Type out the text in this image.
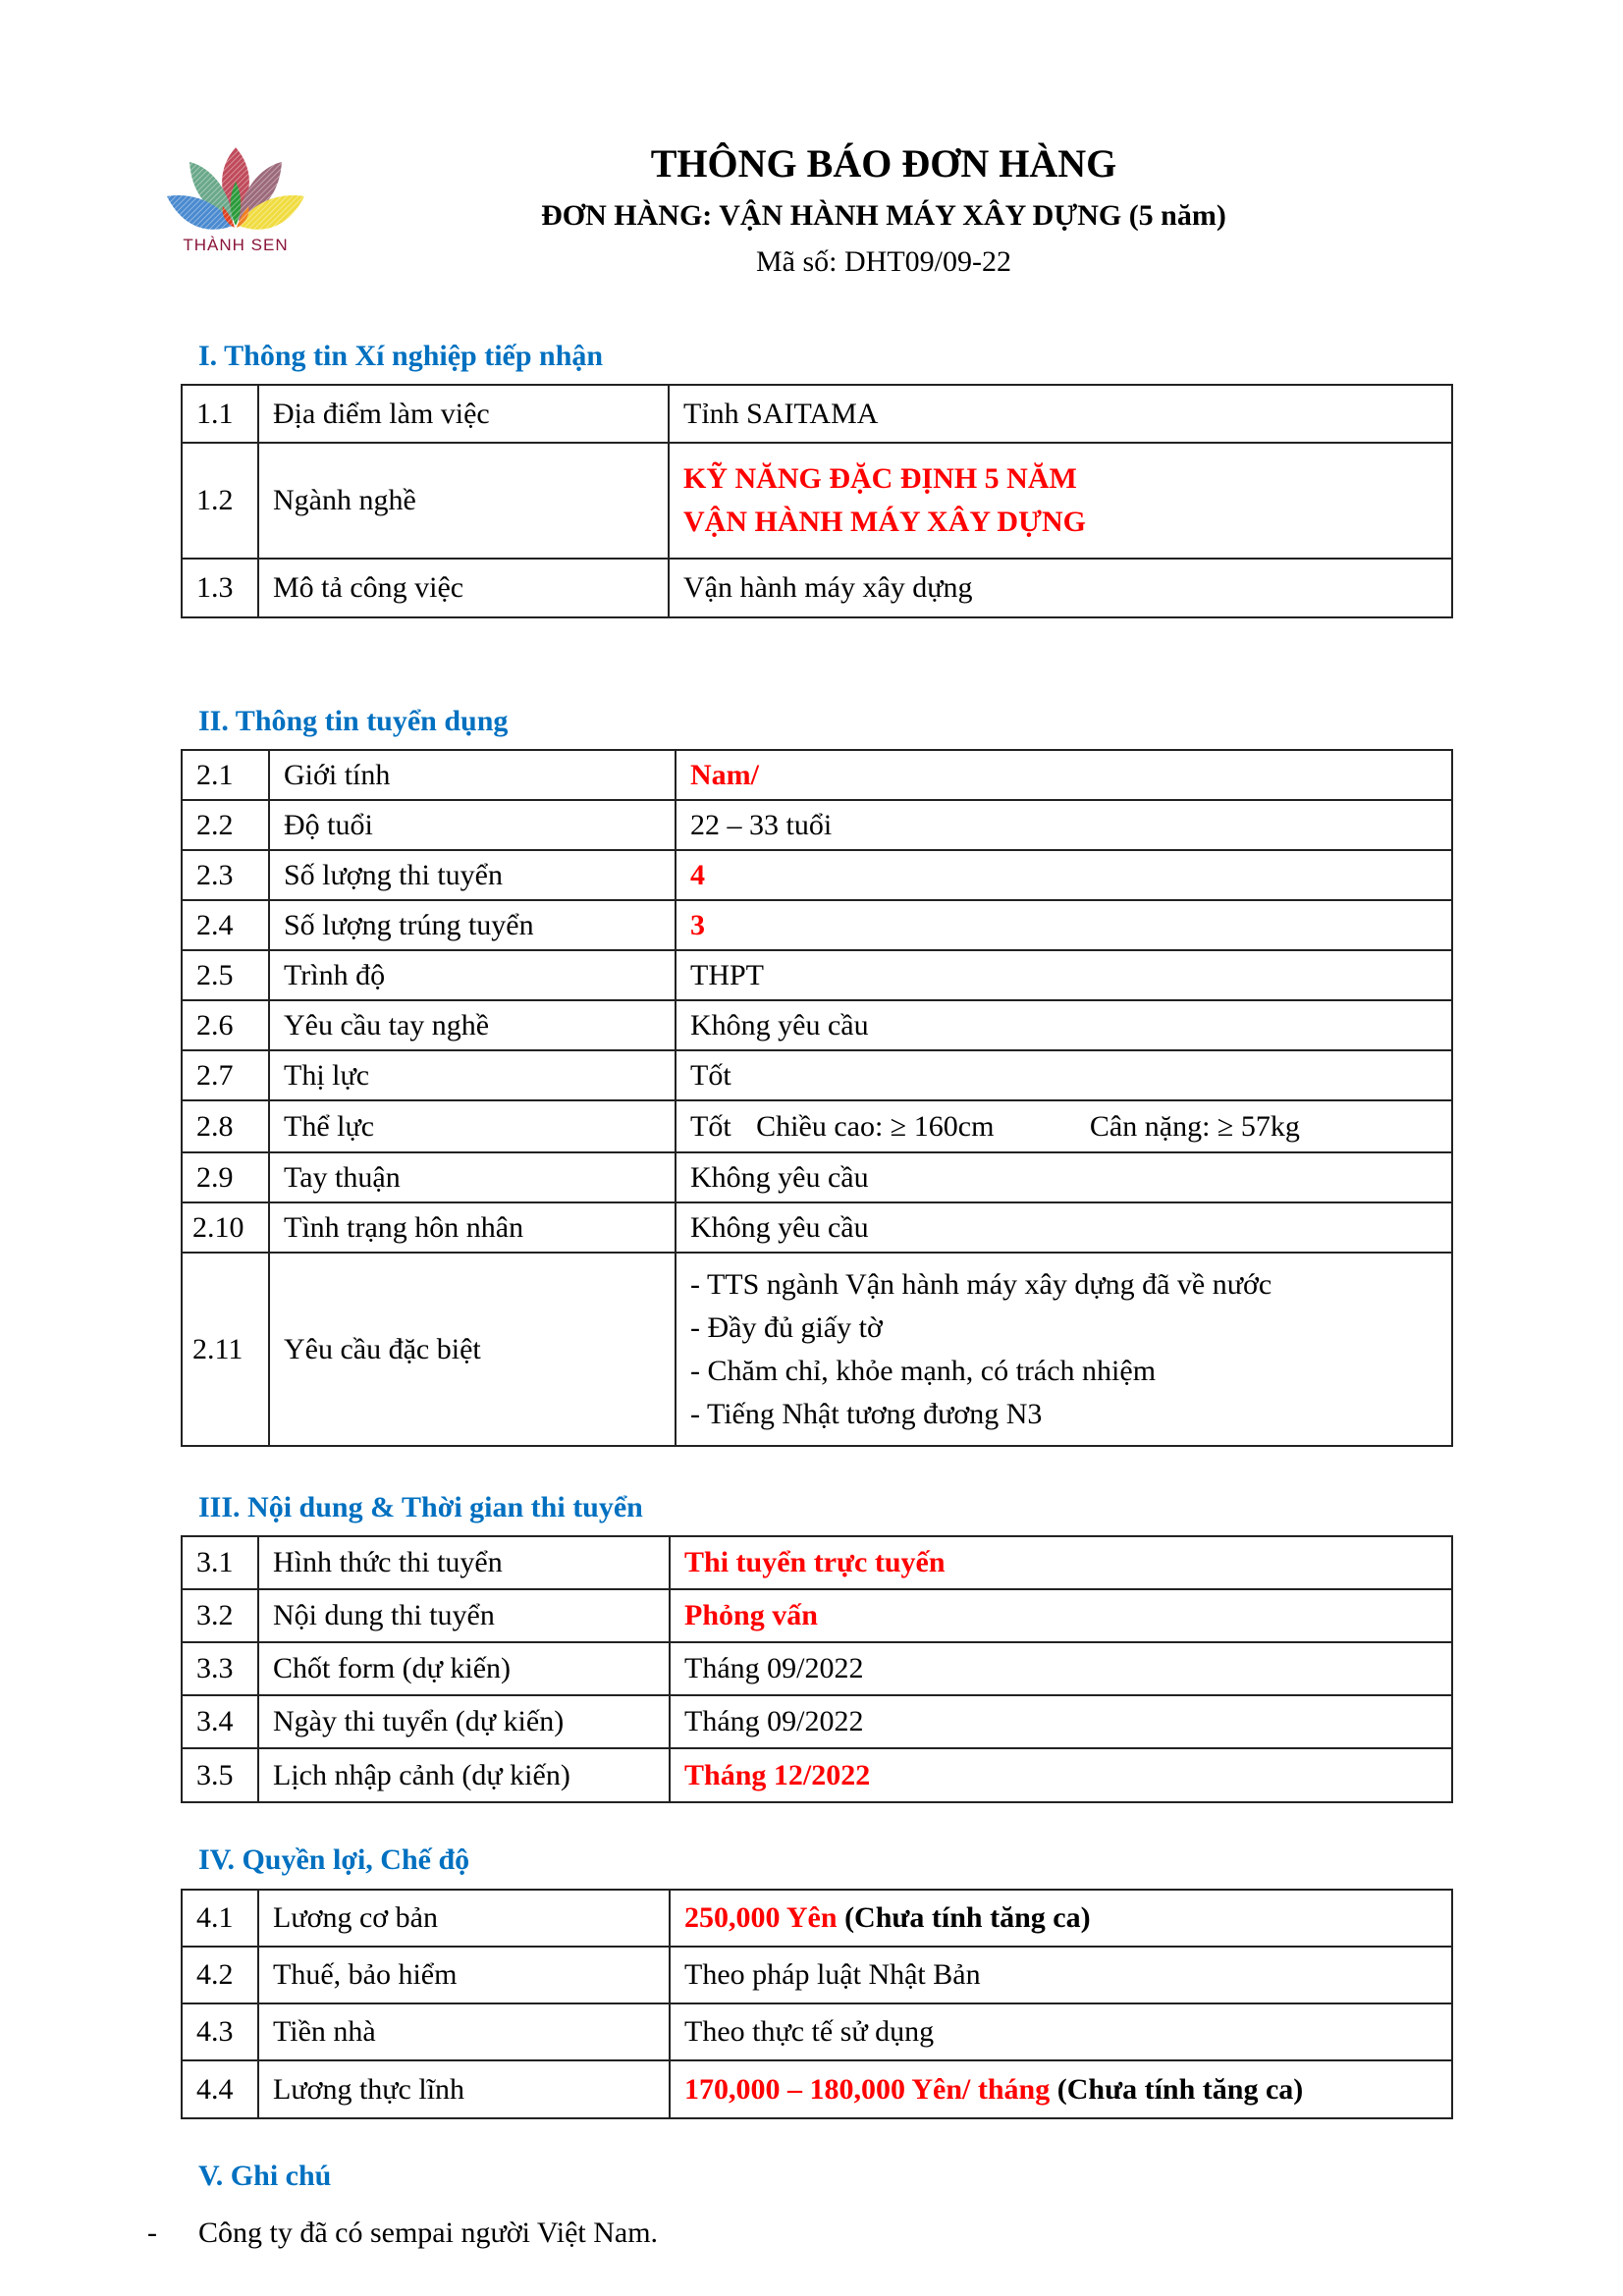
THÀNH SEN
THÔNG BÁO ĐƠN HÀNG
ĐƠN HÀNG: VẬN HÀNH MÁY XÂY DỰNG (5 năm)
Mã số: DHT09/09-22
I. Thông tin Xí nghiệp tiếp nhận
1.1	Địa điểm làm việc	Tỉnh SAITAMA
1.2	Ngành nghề	KỸ NĂNG ĐẶC ĐỊNH 5 NĂM
VẬN HÀNH MÁY XÂY DỰNG

1.3	Mô tả công việc	Vận hành máy xây dựng
II. Thông tin tuyển dụng
2.1	Giới tính	Nam/
2.2	Độ tuổi	22 – 33 tuổi
2.3	Số lượng thi tuyển	4
2.4	Số lượng trúng tuyển	3
2.5	Trình độ	THPT
2.6	Yêu cầu tay nghề	Không yêu cầu
2.7	Thị lực	Tốt
2.8	Thể lực	Tốt Chiều cao: ≥ 160cm Cân nặng: ≥ 57kg
2.9	Tay thuận	Không yêu cầu
2.10	Tình trạng hôn nhân	Không yêu cầu
2.11	Yêu cầu đặc biệt	- TTS ngành Vận hành máy xây dựng đã về nước
- Đầy đủ giấy tờ
- Chăm chỉ, khỏe mạnh, có trách nhiệm
- Tiếng Nhật tương đương N3
III. Nội dung & Thời gian thi tuyển
3.1	Hình thức thi tuyển	Thi tuyển trực tuyến
3.2	Nội dung thi tuyển	Phỏng vấn
3.3	Chốt form (dự kiến)	Tháng 09/2022
3.4	Ngày thi tuyển (dự kiến)	Tháng 09/2022
3.5	Lịch nhập cảnh (dự kiến)	Tháng 12/2022
IV. Quyền lợi, Chế độ
4.1	Lương cơ bản	250,000 Yên (Chưa tính tăng ca)
4.2	Thuế, bảo hiểm	Theo pháp luật Nhật Bản
4.3	Tiền nhà	Theo thực tế sử dụng
4.4	Lương thực lĩnh	170,000 – 180,000 Yên/ tháng (Chưa tính tăng ca)
V. Ghi chú
- Công ty đã có sempai người Việt Nam.
